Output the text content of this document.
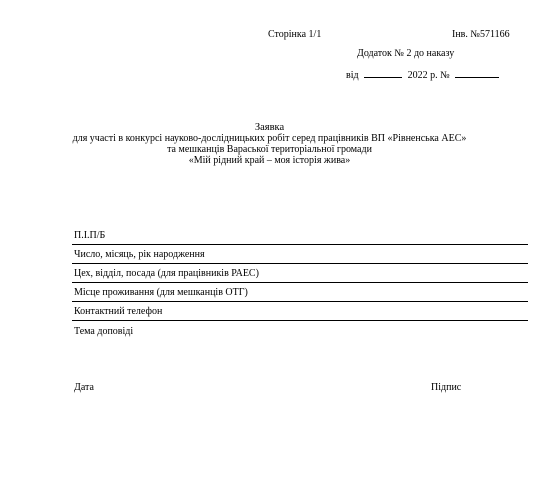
Сторінка 1/1	Інв. №571166
Додаток № 2 до наказу
від	2022 р. №
Заявка
для участі в конкурсі науково-дослідницьких робіт серед працівників ВП «Рівненська АЕС»
та мешканців Вараської територіальної громади
«Мій рідний край – моя історія жива»
П.І.П/Б
Число, місяць, рік народження
Цех, відділ, посада (для працівників РАЕС)
Місце проживання (для мешканців ОТГ)
Контактний телефон
Тема доповіді
Дата	Підпис
